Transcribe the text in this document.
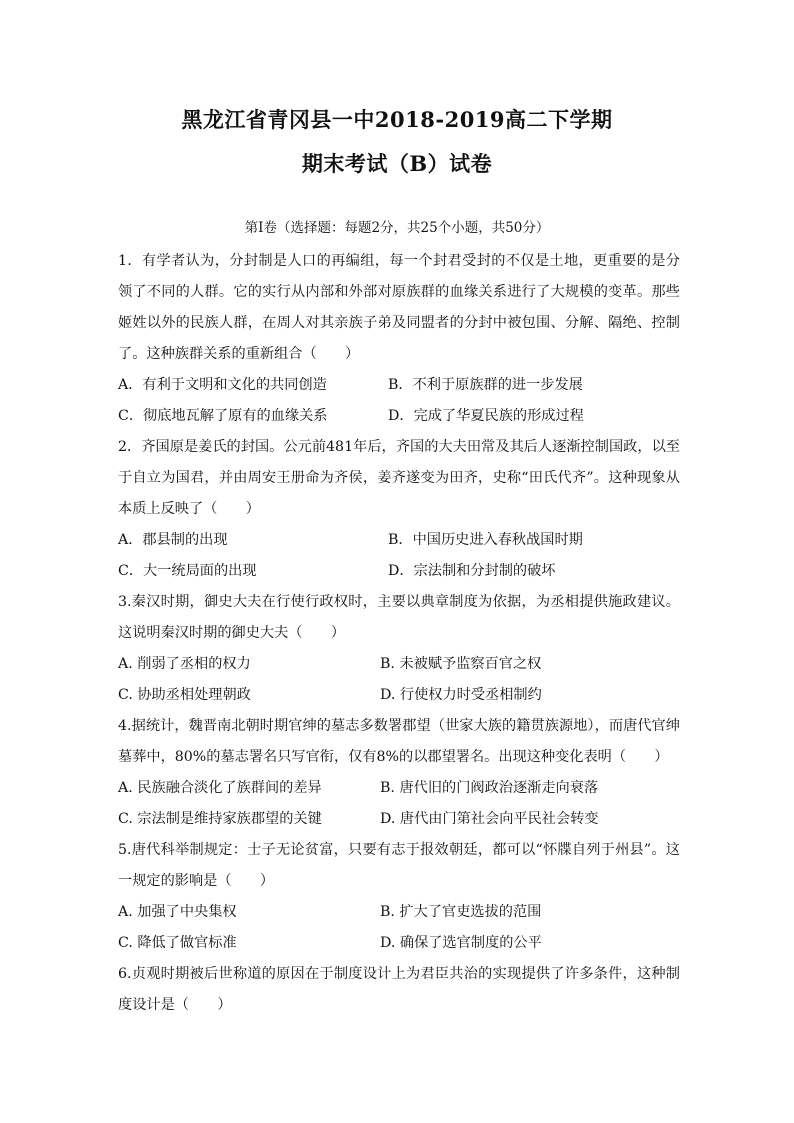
黑龙江省青冈县一中2018-2019高二下学期
期末考试（B）试卷
第Ⅰ卷（选择题：每题2分，共25个小题，共50分）
1．有学者认为，分封制是人口的再编组，每一个封君受封的不仅是土地，更重要的是分领了不同的人群。它的实行从内部和外部对原族群的血缘关系进行了大规模的变革。那些姬姓以外的民族人群，在周人对其亲族子弟及同盟者的分封中被包围、分解、隔绝、控制了。这种族群关系的重新组合（　　）
A．有利于文明和文化的共同创造	B．不利于原族群的进一步发展
C．彻底地瓦解了原有的血缘关系	D．完成了华夏民族的形成过程
2．齐国原是姜氏的封国。公元前481年后，齐国的大夫田常及其后人逐渐控制国政，以至于自立为国君，并由周安王册命为齐侯，姜齐遂变为田齐，史称“田氏代齐”。这种现象从本质上反映了（　　）
A．郡县制的出现	B．中国历史进入春秋战国时期
C．大一统局面的出现	D．宗法制和分封制的破坏
3.秦汉时期，御史大夫在行使行政权时，主要以典章制度为依据，为丞相提供施政建议。这说明秦汉时期的御史大夫（　　）
A. 削弱了丞相的权力	B. 未被赋予监察百官之权
C. 协助丞相处理朝政	D. 行使权力时受丞相制约
4.据统计，魏晋南北朝时期官绅的墓志多数署郡望（世家大族的籍贯族源地），而唐代官绅墓葬中，80%的墓志署名只写官衔，仅有8%的以郡望署名。出现这种变化表明（　　）
A. 民族融合淡化了族群间的差异	B. 唐代旧的门阀政治逐渐走向衰落
C. 宗法制是维持家族郡望的关键	D. 唐代由门第社会向平民社会转变
5.唐代科举制规定：士子无论贫富，只要有志于报效朝廷，都可以“怀牒自列于州县”。这一规定的影响是（　　）
A. 加强了中央集权	B. 扩大了官吏选拔的范围
C. 降低了做官标准	D. 确保了选官制度的公平
6.贞观时期被后世称道的原因在于制度设计上为君臣共治的实现提供了许多条件，这种制度设计是（　　）
